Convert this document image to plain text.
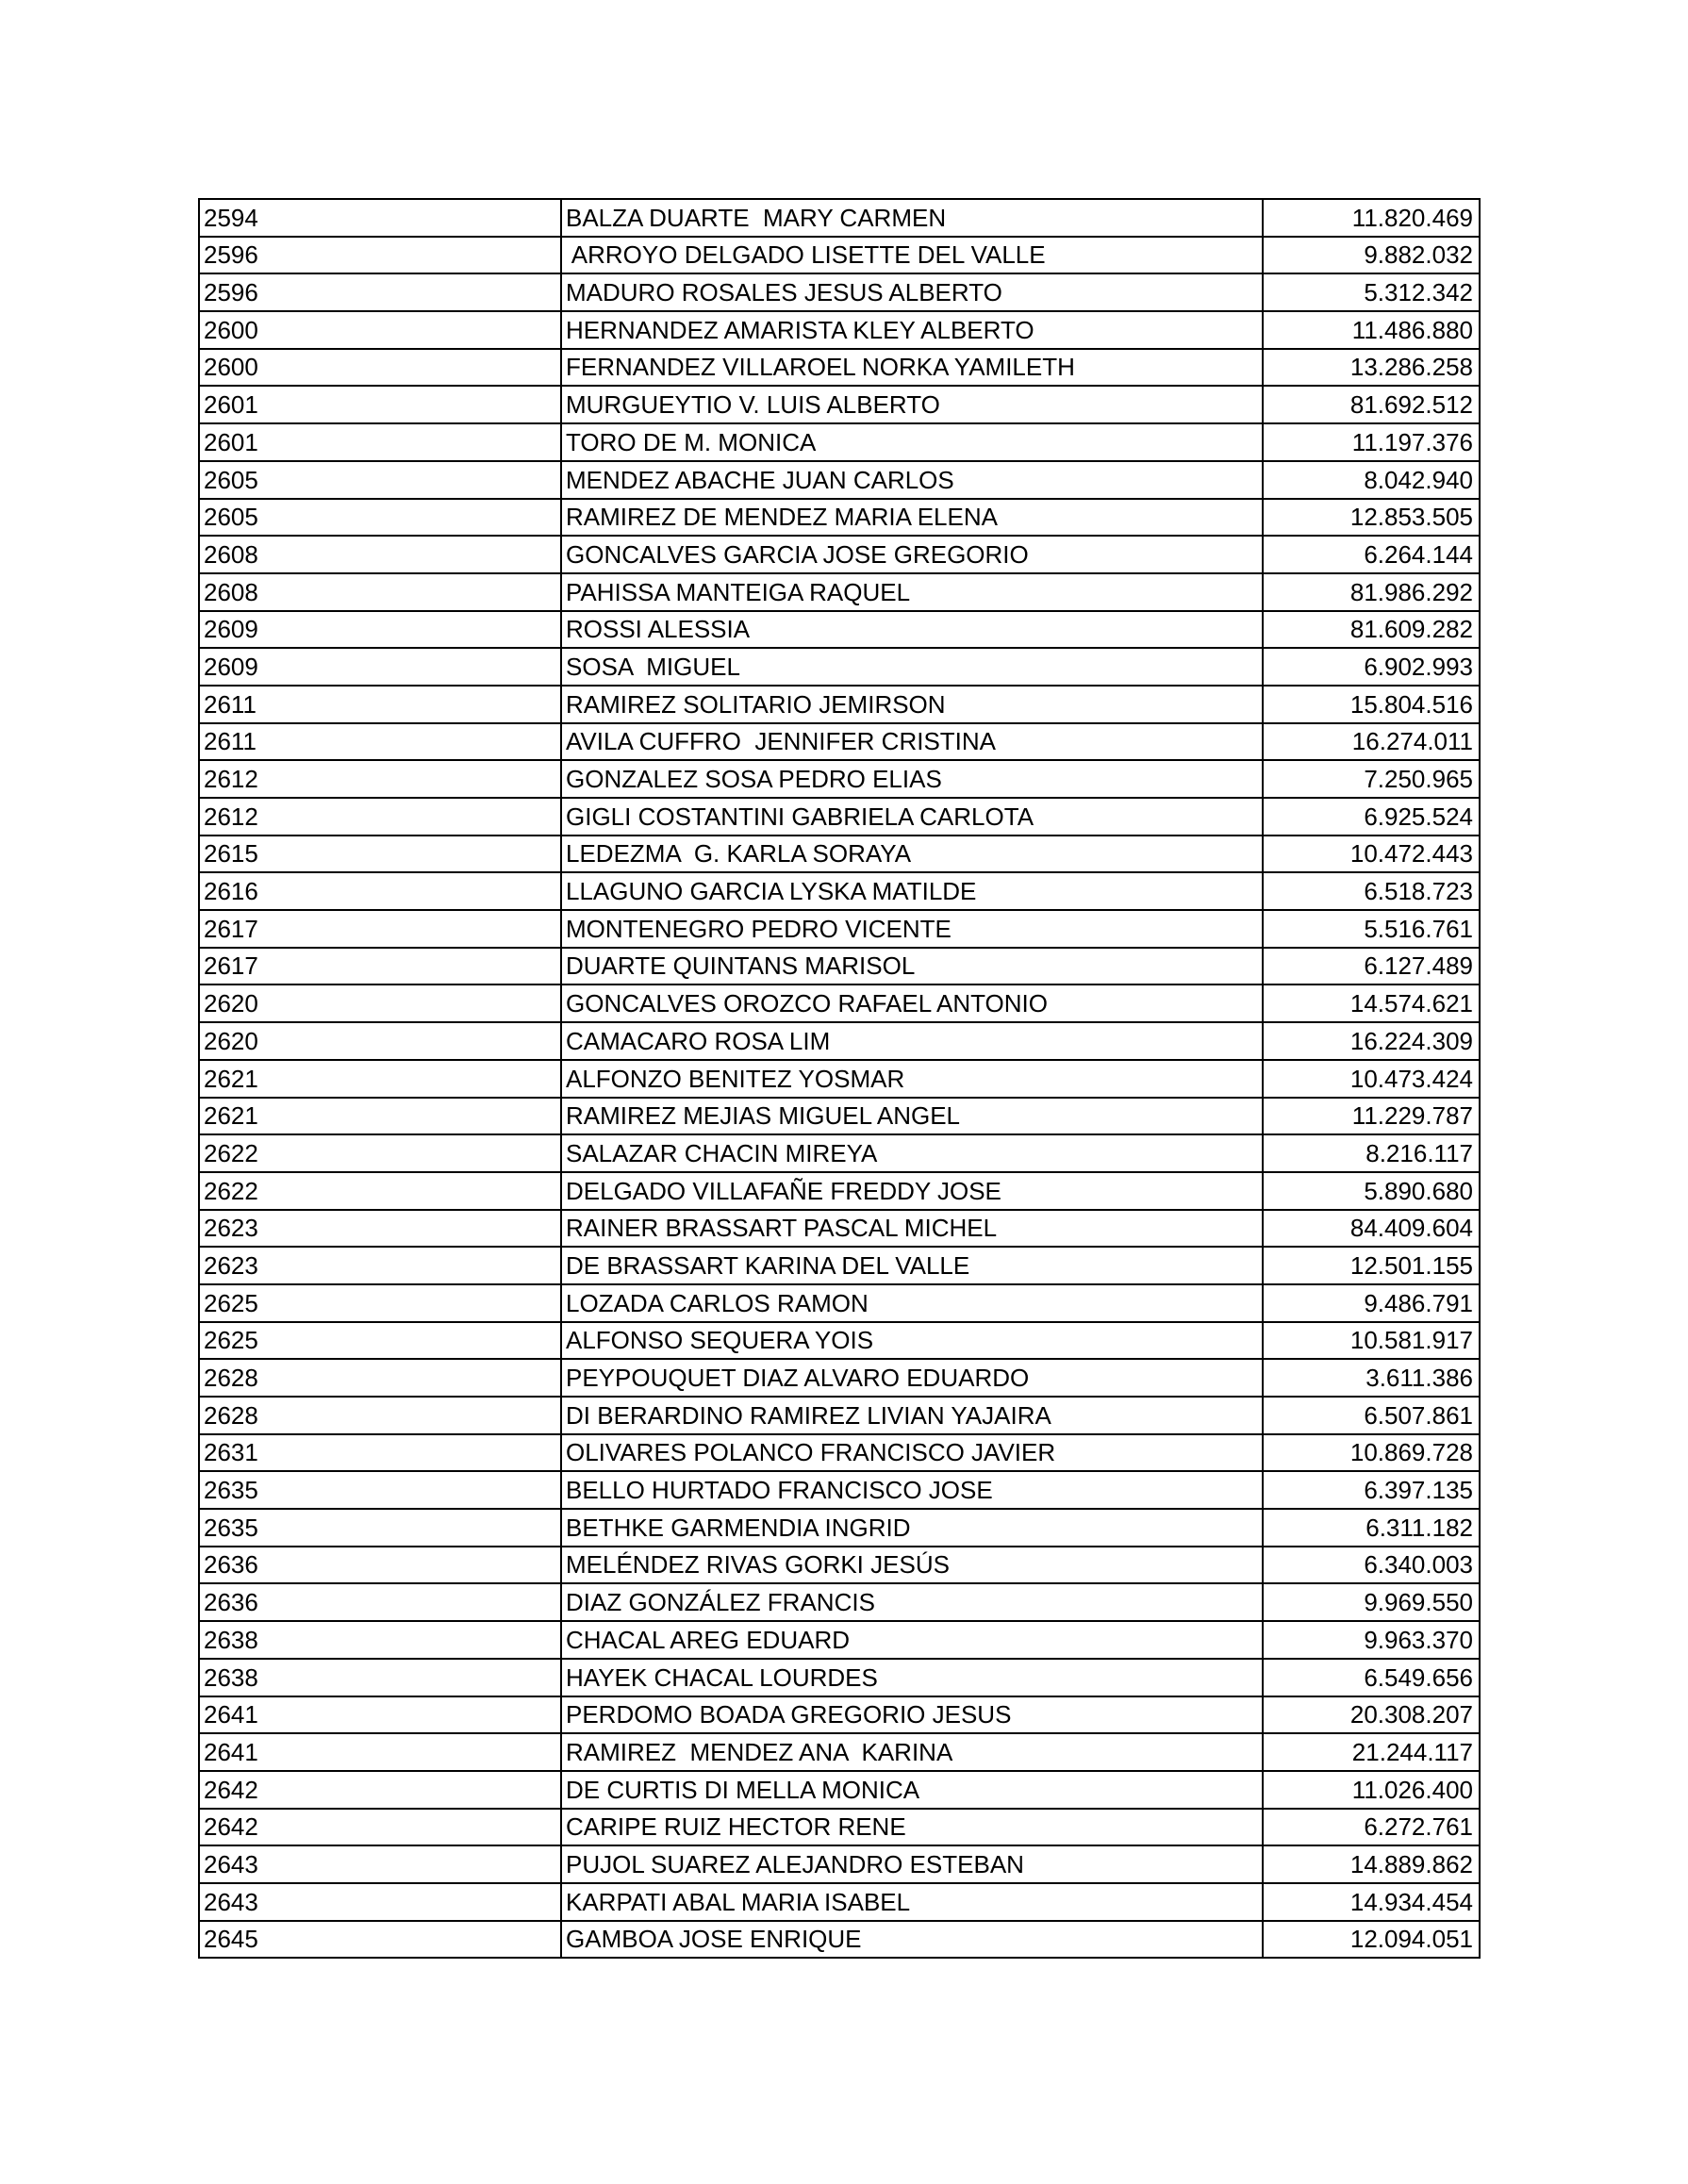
2594	BALZA DUARTE  MARY CARMEN	11.820.469
2596	ARROYO DELGADO LISETTE DEL VALLE	9.882.032
2596	MADURO ROSALES JESUS ALBERTO	5.312.342
2600	HERNANDEZ AMARISTA KLEY ALBERTO	11.486.880
2600	FERNANDEZ VILLAROEL NORKA YAMILETH	13.286.258
2601	MURGUEYTIO V. LUIS ALBERTO	81.692.512
2601	TORO DE M. MONICA	11.197.376
2605	MENDEZ ABACHE JUAN CARLOS	8.042.940
2605	RAMIREZ DE MENDEZ MARIA ELENA	12.853.505
2608	GONCALVES GARCIA JOSE GREGORIO	6.264.144
2608	PAHISSA MANTEIGA RAQUEL	81.986.292
2609	ROSSI ALESSIA	81.609.282
2609	SOSA  MIGUEL	6.902.993
2611	RAMIREZ SOLITARIO JEMIRSON	15.804.516
2611	AVILA CUFFRO  JENNIFER CRISTINA	16.274.011
2612	GONZALEZ SOSA PEDRO ELIAS	7.250.965
2612	GIGLI COSTANTINI GABRIELA CARLOTA	6.925.524
2615	LEDEZMA  G. KARLA SORAYA	10.472.443
2616	LLAGUNO GARCIA LYSKA MATILDE	6.518.723
2617	MONTENEGRO PEDRO VICENTE	5.516.761
2617	DUARTE QUINTANS MARISOL	6.127.489
2620	GONCALVES OROZCO RAFAEL ANTONIO	14.574.621
2620	CAMACARO ROSA LIM	16.224.309
2621	ALFONZO BENITEZ YOSMAR	10.473.424
2621	RAMIREZ MEJIAS MIGUEL ANGEL	11.229.787
2622	SALAZAR CHACIN MIREYA	8.216.117
2622	DELGADO VILLAFAÑE FREDDY JOSE	5.890.680
2623	RAINER BRASSART PASCAL MICHEL	84.409.604
2623	DE BRASSART KARINA DEL VALLE	12.501.155
2625	LOZADA CARLOS RAMON	9.486.791
2625	ALFONSO SEQUERA YOIS	10.581.917
2628	PEYPOUQUET DIAZ ALVARO EDUARDO	3.611.386
2628	DI BERARDINO RAMIREZ LIVIAN YAJAIRA	6.507.861
2631	OLIVARES POLANCO FRANCISCO JAVIER	10.869.728
2635	BELLO HURTADO FRANCISCO JOSE	6.397.135
2635	BETHKE GARMENDIA INGRID	6.311.182
2636	MELÉNDEZ RIVAS GORKI JESÚS	6.340.003
2636	DIAZ GONZÁLEZ FRANCIS	9.969.550
2638	CHACAL AREG EDUARD	9.963.370
2638	HAYEK CHACAL LOURDES	6.549.656
2641	PERDOMO BOADA GREGORIO JESUS	20.308.207
2641	RAMIREZ  MENDEZ ANA  KARINA	21.244.117
2642	DE CURTIS DI MELLA MONICA	11.026.400
2642	CARIPE RUIZ HECTOR RENE	6.272.761
2643	PUJOL SUAREZ ALEJANDRO ESTEBAN	14.889.862
2643	KARPATI ABAL MARIA ISABEL	14.934.454
2645	GAMBOA JOSE ENRIQUE	12.094.051
